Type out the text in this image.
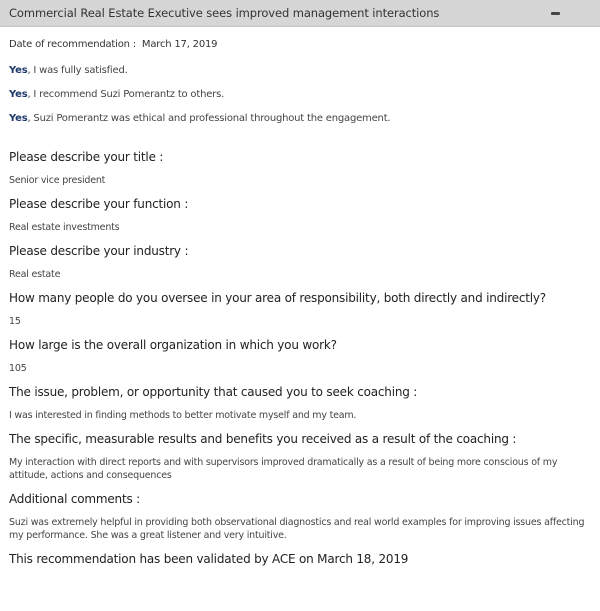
Commercial Real Estate Executive sees improved management interactions
Date of recommendation : March 17, 2019
Yes, I was fully satisfied.
Yes, I recommend Suzi Pomerantz to others.
Yes, Suzi Pomerantz was ethical and professional throughout the engagement.
Please describe your title :
Senior vice president
Please describe your function :
Real estate investments
Please describe your industry :
Real estate
How many people do you oversee in your area of responsibility, both directly and indirectly?
15
How large is the overall organization in which you work?
105
The issue, problem, or opportunity that caused you to seek coaching :
I was interested in finding methods to better motivate myself and my team.
The specific, measurable results and benefits you received as a result of the coaching :
My interaction with direct reports and with supervisors improved dramatically as a result of being more conscious of my attitude, actions and consequences
Additional comments :
Suzi was extremely helpful in providing both observational diagnostics and real world examples for improving issues affecting my performance. She was a great listener and very intuitive.
This recommendation has been validated by ACE on March 18, 2019
